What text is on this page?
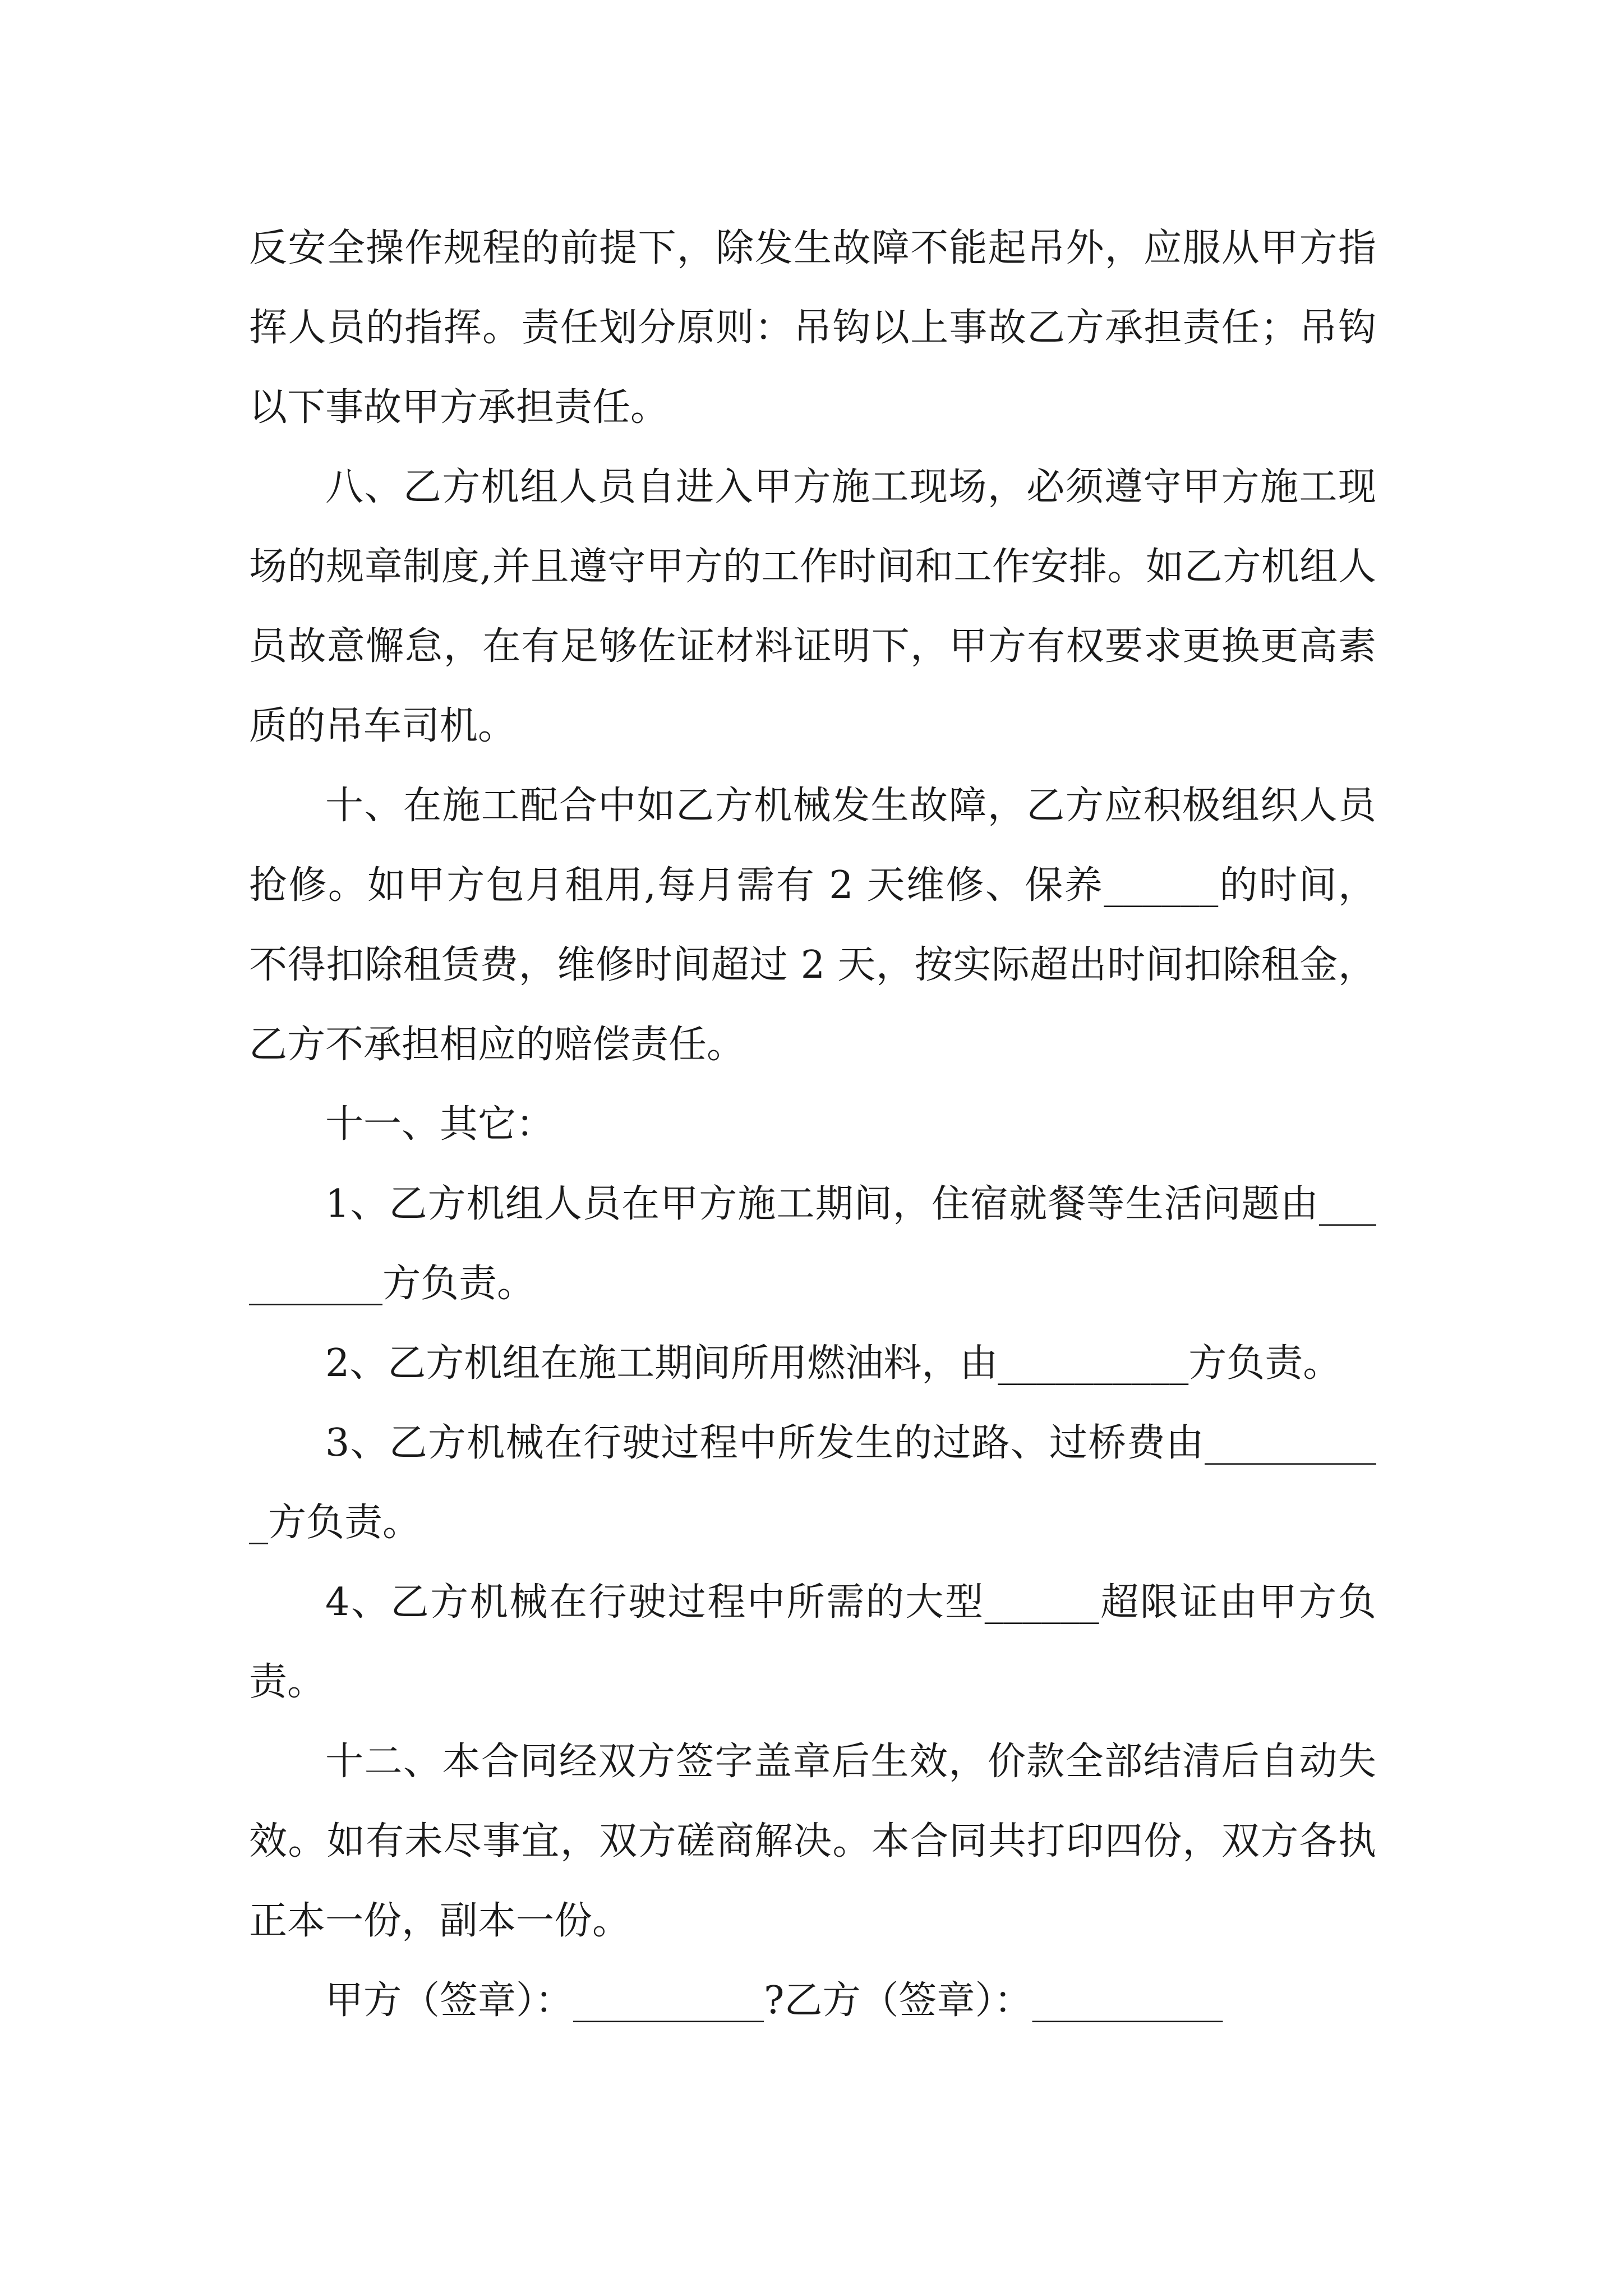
反安全操作规程的前提下，除发生故障不能起吊外，应服从甲方指挥人员的指挥。责任划分原则：吊钩以上事故乙方承担责任；吊钩以下事故甲方承担责任。

八、乙方机组人员自进入甲方施工现场，必须遵守甲方施工现场的规章制度,并且遵守甲方的工作时间和工作安排。如乙方机组人员故意懈怠，在有足够佐证材料证明下，甲方有权要求更换更高素质的吊车司机。

十、在施工配合中如乙方机械发生故障，乙方应积极组织人员抢修。如甲方包月租用,每月需有 2 天维修、保养______的时间，不得扣除租赁费，维修时间超过 2 天，按实际超出时间扣除租金，乙方不承担相应的赔偿责任。

十一、其它：

1、乙方机组人员在甲方施工期间，住宿就餐等生活问题由__________方负责。

2、乙方机组在施工期间所用燃油料，由__________方负责。

3、乙方机械在行驶过程中所发生的过路、过桥费由__________方负责。

4、乙方机械在行驶过程中所需的大型______超限证由甲方负责。

十二、本合同经双方签字盖章后生效，价款全部结清后自动失效。如有未尽事宜，双方磋商解决。本合同共打印四份，双方各执正本一份，副本一份。

甲方（签章）：__________?乙方（签章）：__________
